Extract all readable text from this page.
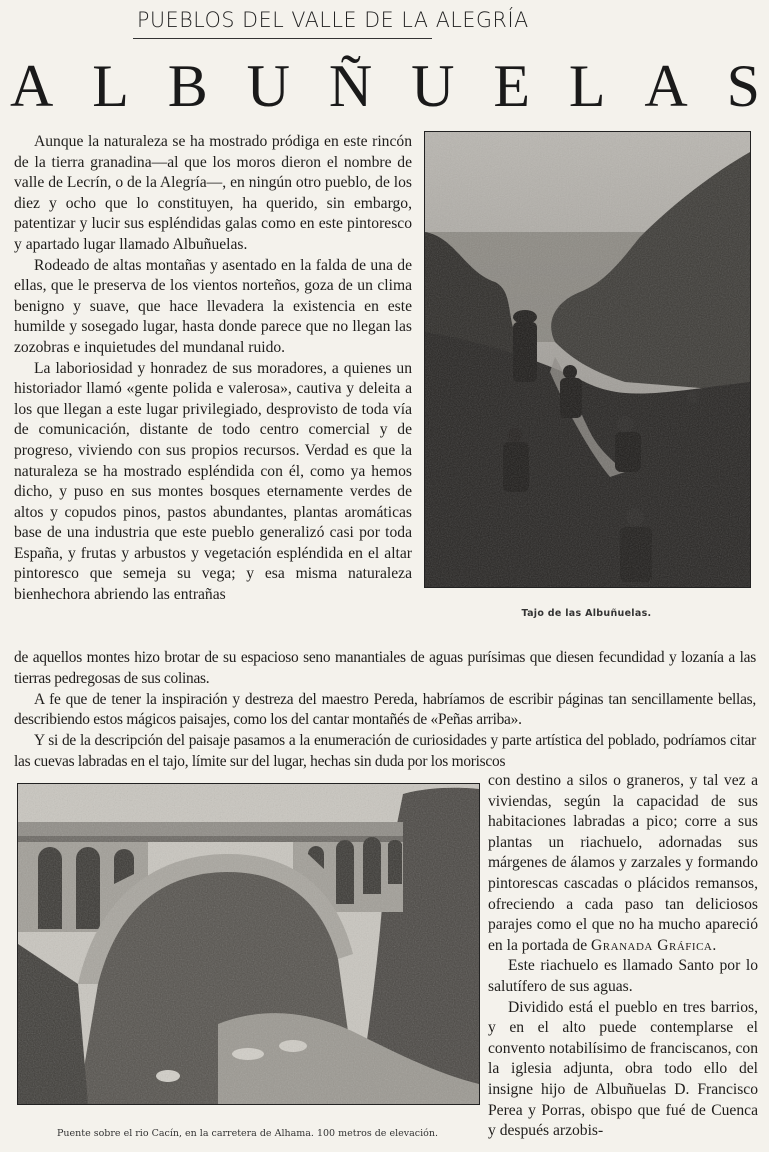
PUEBLOS DEL VALLE DE LA ALEGRÍA
A L B U Ñ U E L A S

Aunque la naturaleza se ha mostrado pródiga en este rincón de la tierra granadina—al que los moros dieron el nombre de valle de Lecrín, o de la Alegría—, en ningún otro pueblo, de los diez y ocho que lo constituyen, ha querido, sin embargo, patentizar y lucir sus espléndidas galas como en este pintoresco y apartado lugar llamado Albuñuelas.

Rodeado de altas montañas y asentado en la falda de una de ellas, que le preserva de los vientos norteños, goza de un clima benigno y suave, que hace llevadera la existencia en este humilde y sosegado lugar, hasta donde parece que no llegan las zozobras e inquietudes del mundanal ruido.

La laboriosidad y honradez de sus moradores, a quienes un historiador llamó «gente polida e valerosa», cautiva y deleita a los que llegan a este lugar privilegiado, desprovisto de toda vía de comunicación, distante de todo centro comercial y de progreso, viviendo con sus propios recursos. Verdad es que la naturaleza se ha mostrado espléndida con él, como ya hemos dicho, y puso en sus montes bosques eternamente verdes de altos y copudos pinos, pastos abundantes, plantas aromáticas base de una industria que este pueblo generalizó casi por toda España, y frutas y arbustos y vegetación espléndida en el altar pintoresco que semeja su vega; y esa misma naturaleza bienhechora abriendo las entrañas

Tajo de las Albuñuelas.

de aquellos montes hizo brotar de su espacioso seno manantiales de aguas purísimas que diesen fecundidad y lozanía a las tierras pedregosas de sus colinas.

A fe que de tener la inspiración y destreza del maestro Pereda, habríamos de escribir páginas tan sencillamente bellas, describiendo estos mágicos paisajes, como los del cantar montañés de «Peñas arriba».

Y si de la descripción del paisaje pasamos a la enumeración de curiosidades y parte artística del poblado, podríamos citar las cuevas labradas en el tajo, límite sur del lugar, hechas sin duda por los moriscos

Puente sobre el rio Cacín, en la carretera de Alhama. 100 metros de elevación.

con destino a silos o graneros, y tal vez a viviendas, según la capacidad de sus habitaciones labradas a pico; corre a sus plantas un riachuelo, adornadas sus márgenes de álamos y zarzales y formando pintorescas cascadas o plácidos remansos, ofreciendo a cada paso tan deliciosos parajes como el que no ha mucho apareció en la portada de Granada Gráfica.

Este riachuelo es llamado Santo por lo salutífero de sus aguas.

Dividido está el pueblo en tres barrios, y en el alto puede contemplarse el convento notabilísimo de franciscanos, con la iglesia adjunta, obra todo ello del insigne hijo de Albuñuelas D. Francisco Perea y Porras, obispo que fué de Cuenca y después arzobis-
